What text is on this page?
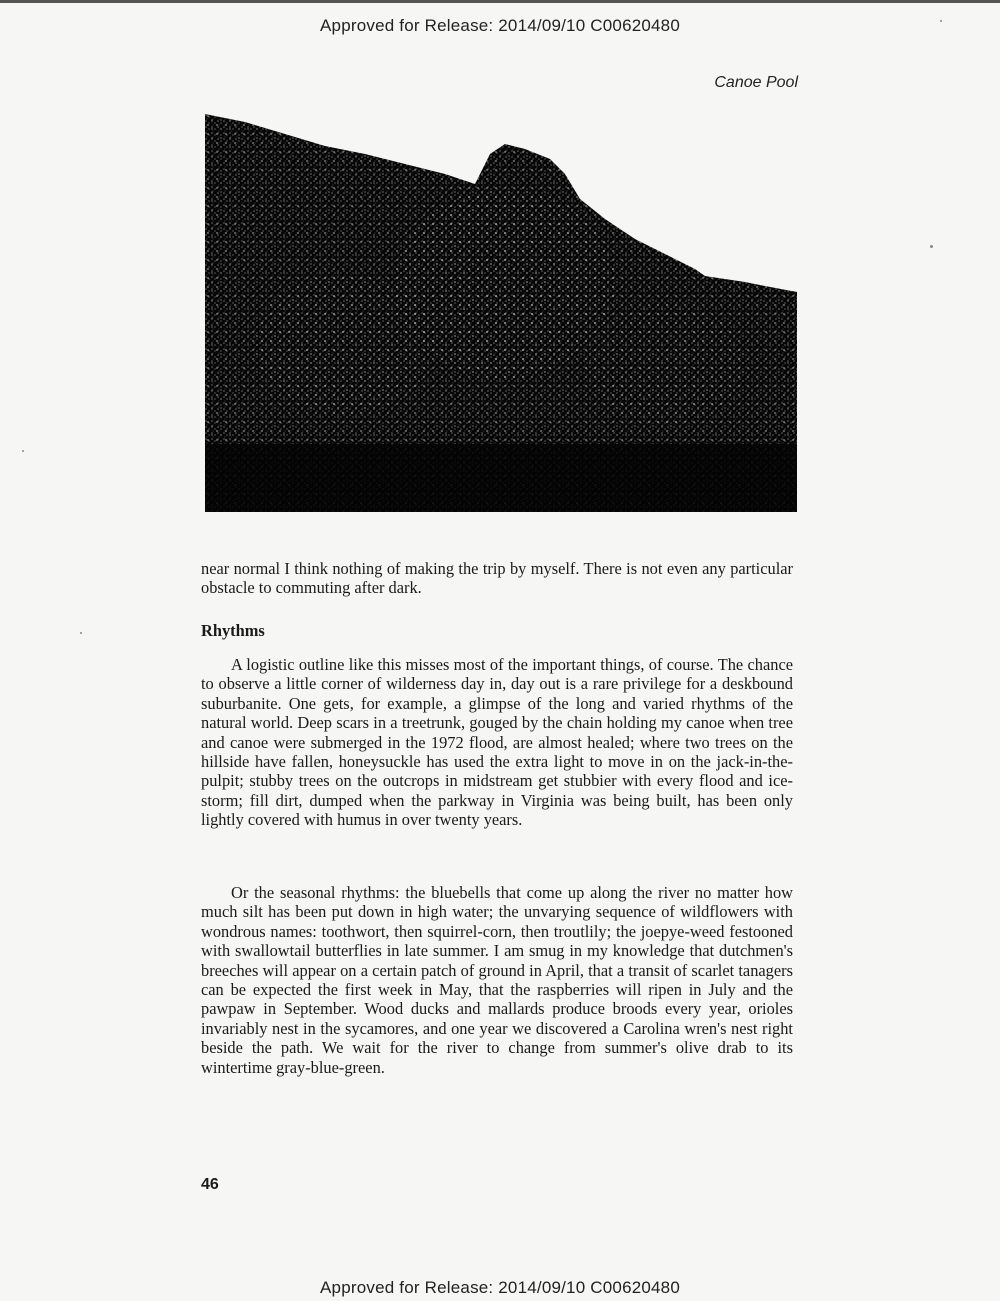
Approved for Release: 2014/09/10 C00620480
Canoe Pool

near normal I think nothing of making the trip by myself. There is not even any particular obstacle to commuting after dark.

Rhythms

A logistic outline like this misses most of the important things, of course. The chance to observe a little corner of wilderness day in, day out is a rare privilege for a deskbound suburbanite. One gets, for example, a glimpse of the long and varied rhythms of the natural world. Deep scars in a treetrunk, gouged by the chain holding my canoe when tree and canoe were submerged in the 1972 flood, are almost healed; where two trees on the hillside have fallen, honeysuckle has used the extra light to move in on the jack-in-the-pulpit; stubby trees on the outcrops in midstream get stubbier with every flood and ice-storm; fill dirt, dumped when the parkway in Virginia was being built, has been only lightly covered with humus in over twenty years.

Or the seasonal rhythms: the bluebells that come up along the river no matter how much silt has been put down in high water; the unvarying sequence of wildflowers with wondrous names: toothwort, then squirrel-corn, then troutlily; the joepye-weed festooned with swallowtail butterflies in late summer. I am smug in my knowledge that dutchmen's breeches will appear on a certain patch of ground in April, that a transit of scarlet tanagers can be expected the first week in May, that the raspberries will ripen in July and the pawpaw in September. Wood ducks and mallards produce broods every year, orioles invariably nest in the sycamores, and one year we discovered a Carolina wren's nest right beside the path. We wait for the river to change from summer's olive drab to its wintertime gray-blue-green.

46
Approved for Release: 2014/09/10 C00620480
